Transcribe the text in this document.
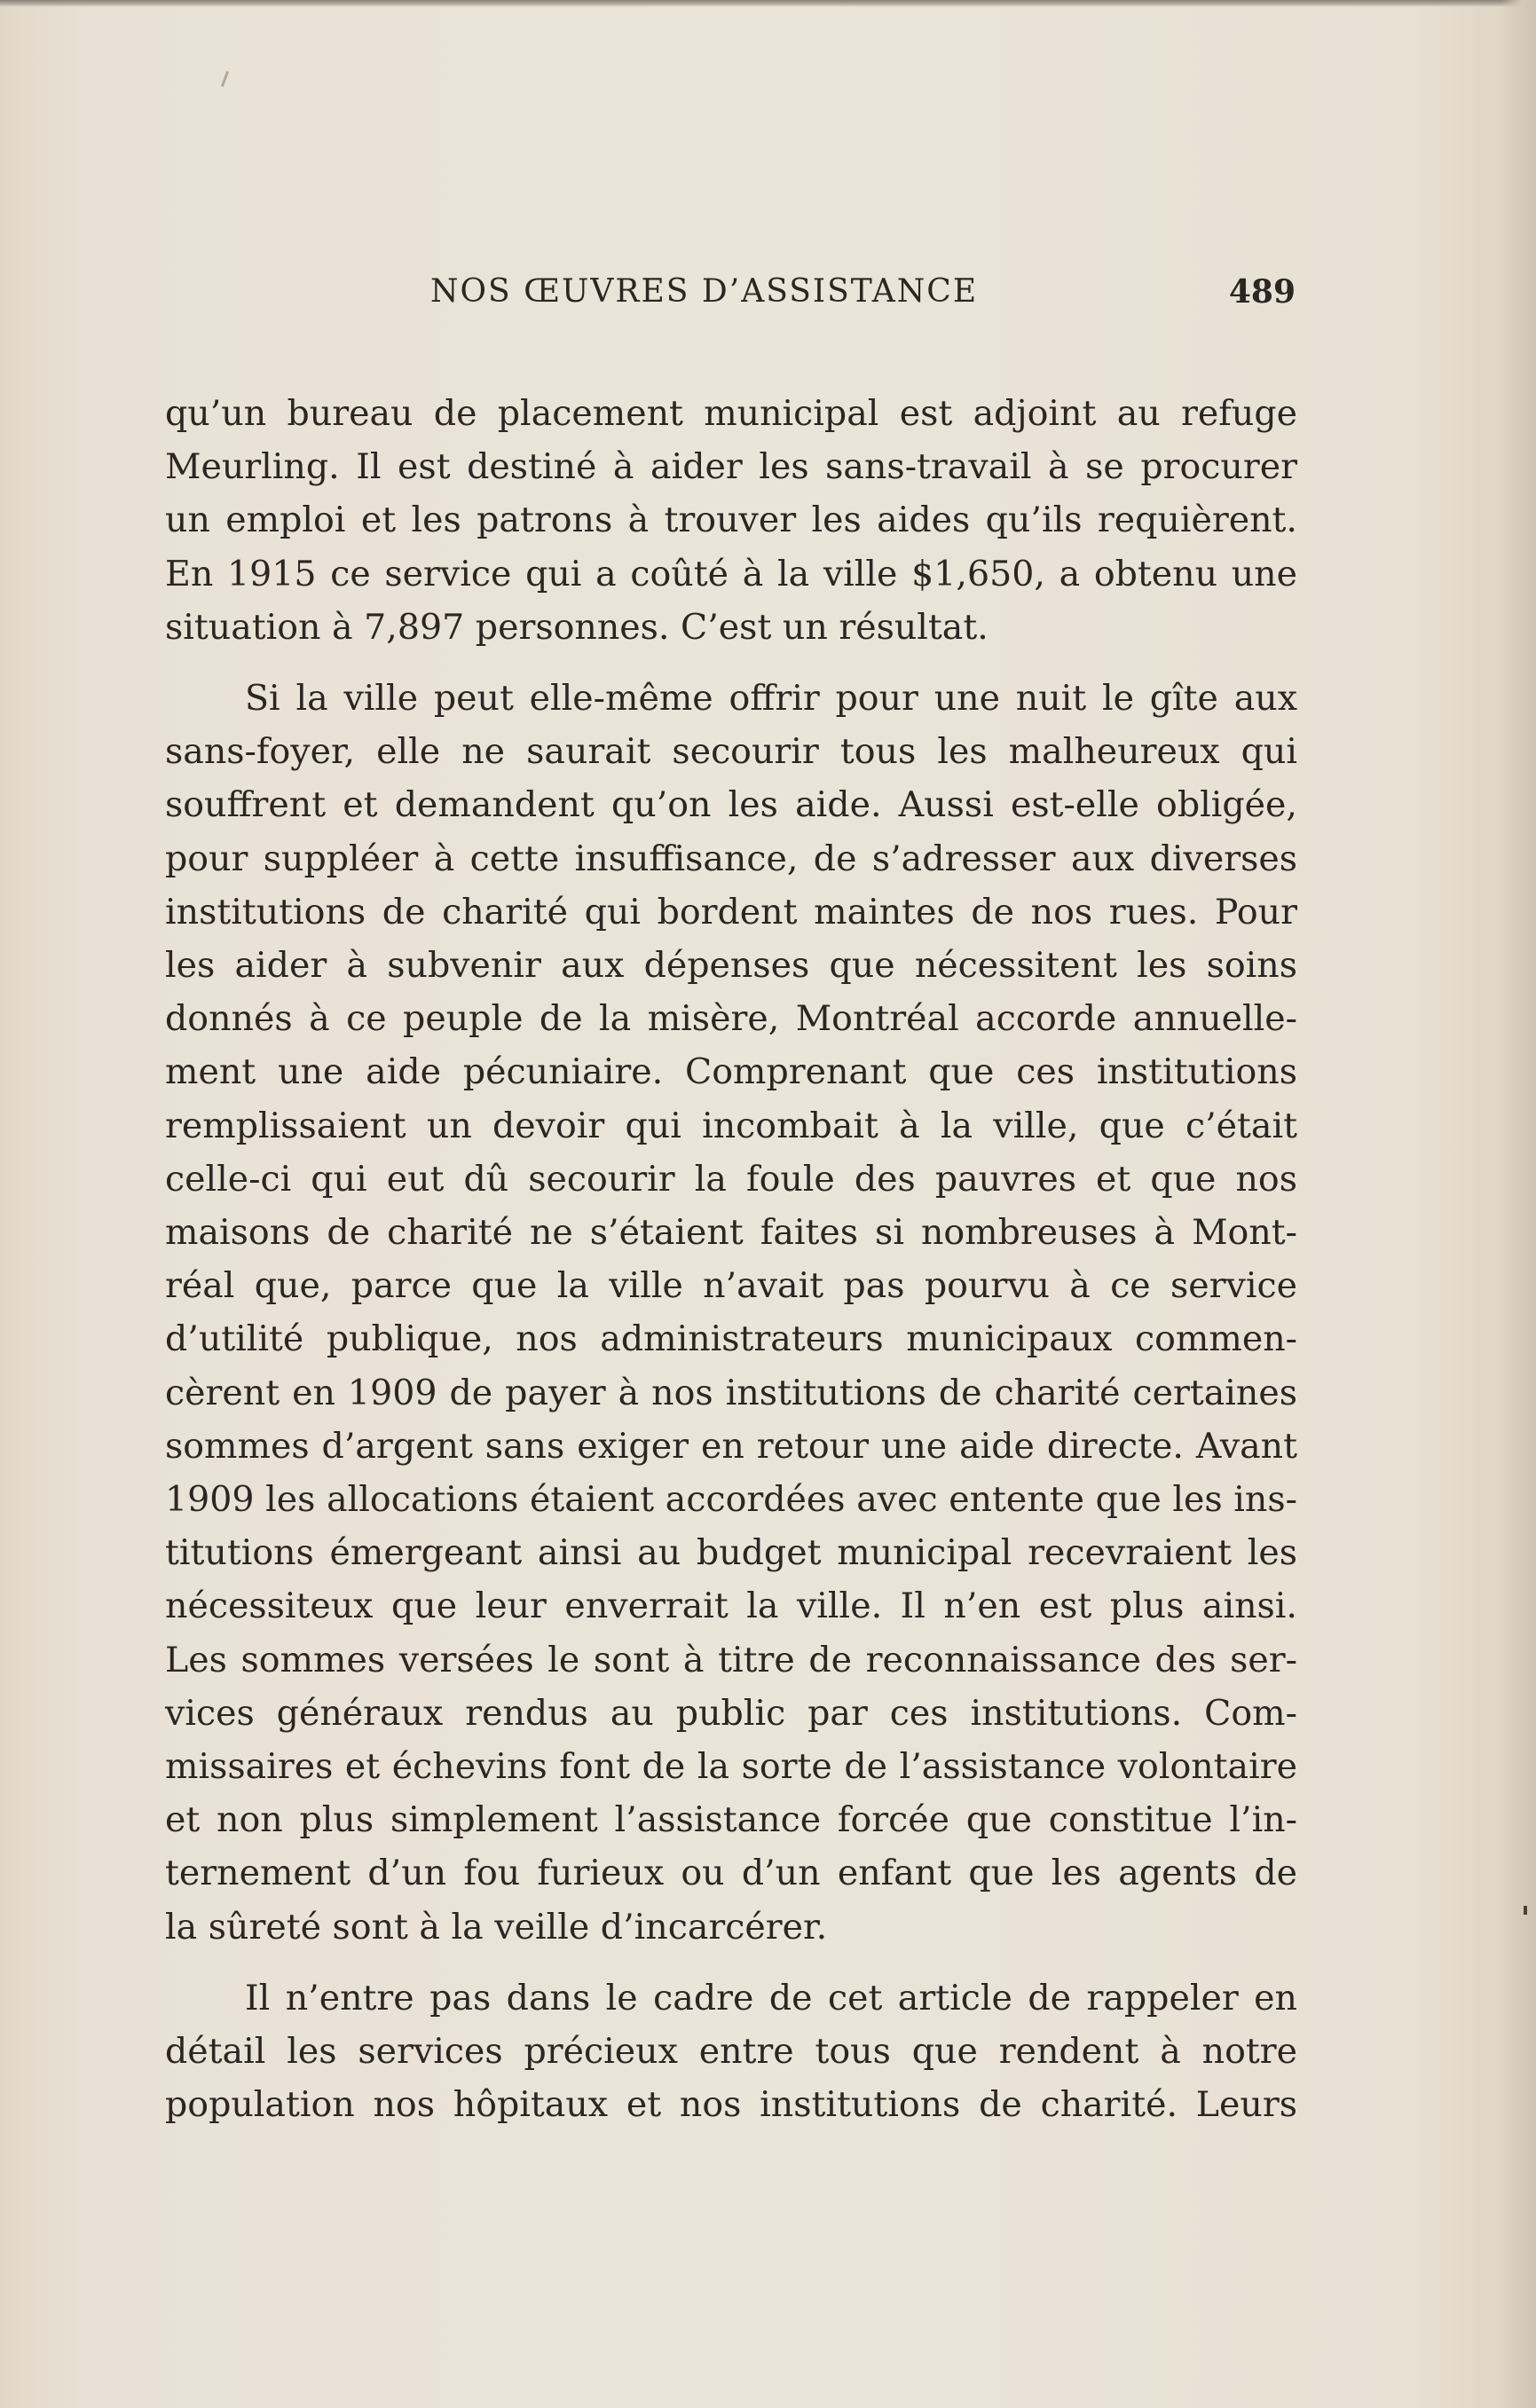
NOS ŒUVRES D’ASSISTANCE	489

qu’un bureau de placement municipal est adjoint au refuge
Meurling. Il est destiné à aider les sans-travail à se procurer
un emploi et les patrons à trouver les aides qu’ils requièrent.
En 1915 ce service qui a coûté à la ville $1,650, a obtenu une
situation à 7,897 personnes. C’est un résultat.

Si la ville peut elle-même offrir pour une nuit le gîte aux
sans-foyer, elle ne saurait secourir tous les malheureux qui
souffrent et demandent qu’on les aide. Aussi est-elle obligée,
pour suppléer à cette insuffisance, de s’adresser aux diverses
institutions de charité qui bordent maintes de nos rues. Pour
les aider à subvenir aux dépenses que nécessitent les soins
donnés à ce peuple de la misère, Montréal accorde annuelle-
ment une aide pécuniaire. Comprenant que ces institutions
remplissaient un devoir qui incombait à la ville, que c’était
celle-ci qui eut dû secourir la foule des pauvres et que nos
maisons de charité ne s’étaient faites si nombreuses à Mont-
réal que, parce que la ville n’avait pas pourvu à ce service
d’utilité publique, nos administrateurs municipaux commen-
cèrent en 1909 de payer à nos institutions de charité certaines
sommes d’argent sans exiger en retour une aide directe. Avant
1909 les allocations étaient accordées avec entente que les ins-
titutions émergeant ainsi au budget municipal recevraient les
nécessiteux que leur enverrait la ville. Il n’en est plus ainsi.
Les sommes versées le sont à titre de reconnaissance des ser-
vices généraux rendus au public par ces institutions. Com-
missaires et échevins font de la sorte de l’assistance volontaire
et non plus simplement l’assistance forcée que constitue l’in-
ternement d’un fou furieux ou d’un enfant que les agents de
la sûreté sont à la veille d’incarcérer.

Il n’entre pas dans le cadre de cet article de rappeler en
détail les services précieux entre tous que rendent à notre
population nos hôpitaux et nos institutions de charité. Leurs
